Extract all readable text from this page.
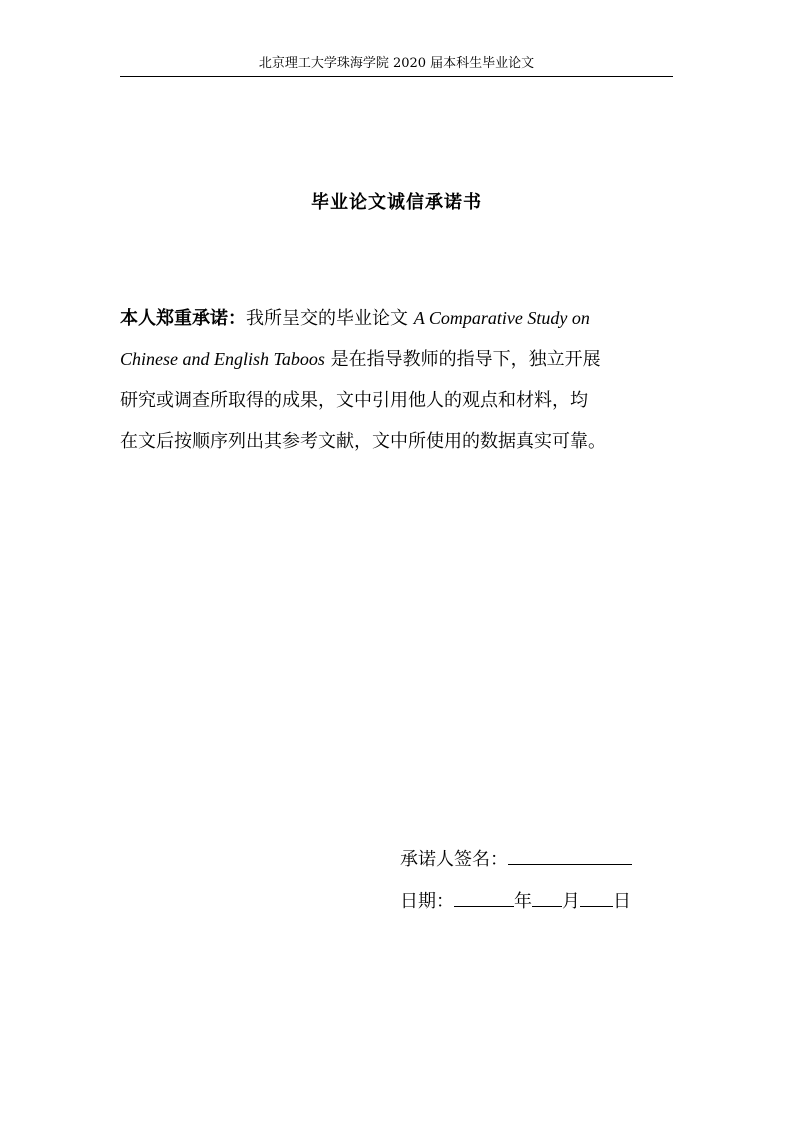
北京理工大学珠海学院 2020 届本科生毕业论文
毕业论文诚信承诺书
本人郑重承诺：我所呈交的毕业论文 A Comparative Study on
Chinese and English Taboos 是在指导教师的指导下，独立开展
研究或调查所取得的成果，文中引用他人的观点和材料，均
在文后按顺序列出其参考文献，文中所使用的数据真实可靠。
承诺人签名：
日期：	年 月 日
